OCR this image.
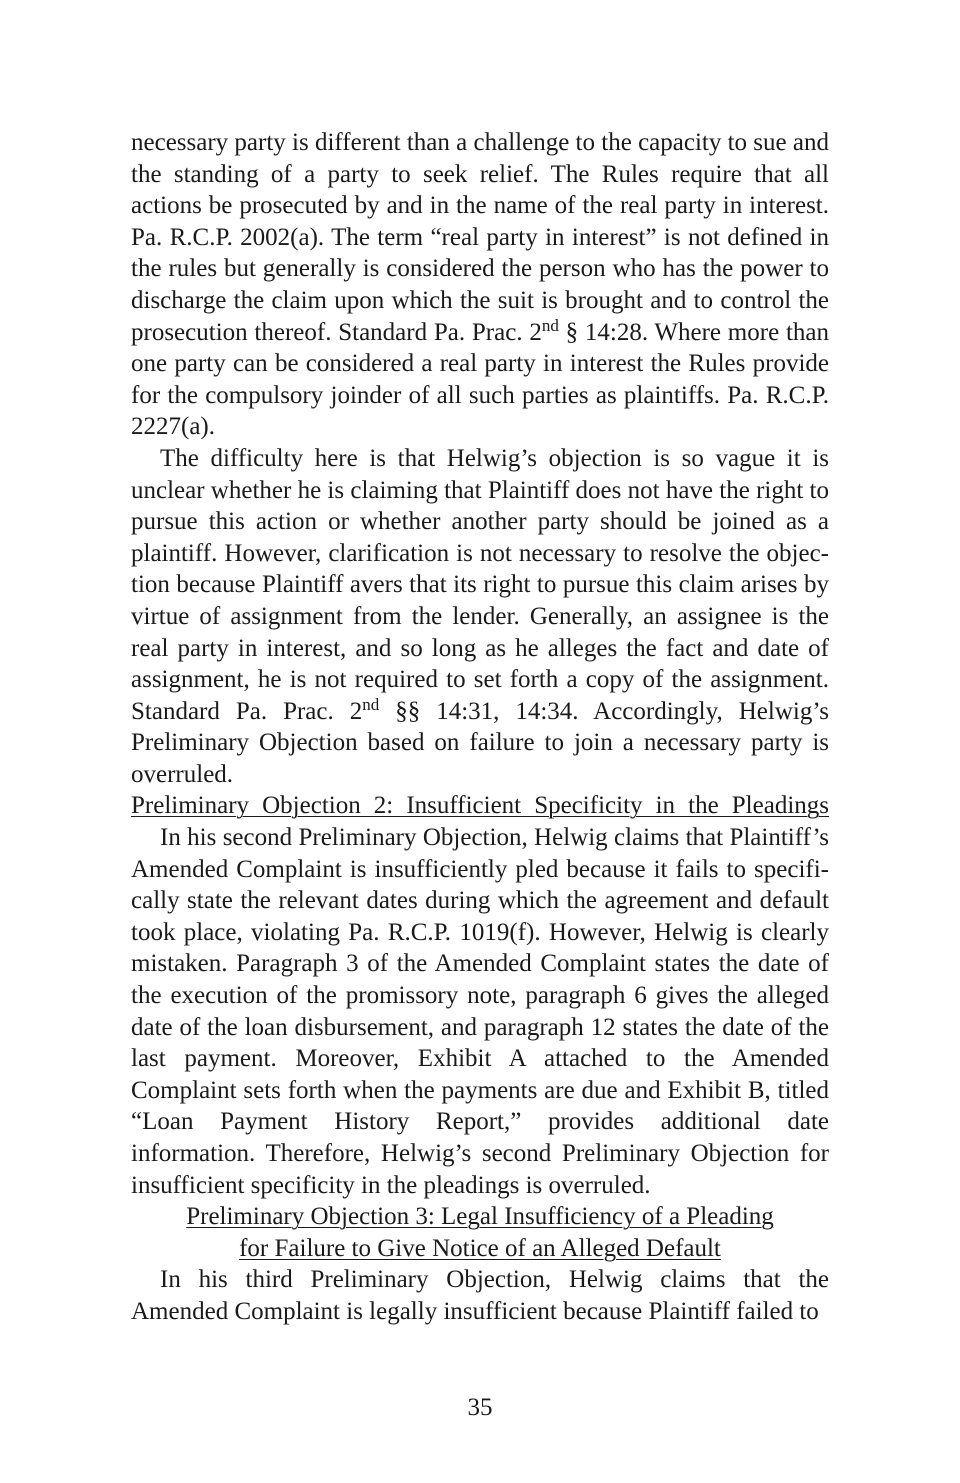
necessary party is different than a challenge to the capacity to sue and the standing of a party to seek relief. The Rules require that all actions be prosecuted by and in the name of the real party in interest. Pa. R.C.P. 2002(a). The term “real party in interest” is not defined in the rules but generally is considered the person who has the power to discharge the claim upon which the suit is brought and to control the prosecution thereof. Standard Pa. Prac. 2nd § 14:28. Where more than one party can be considered a real party in interest the Rules provide for the compulsory joinder of all such parties as plaintiffs. Pa. R.C.P. 2227(a).

The difficulty here is that Helwig’s objection is so vague it is unclear whether he is claiming that Plaintiff does not have the right to pursue this action or whether another party should be joined as a plaintiff. However, clarification is not necessary to resolve the objection because Plaintiff avers that its right to pursue this claim arises by virtue of assignment from the lender. Generally, an assignee is the real party in interest, and so long as he alleges the fact and date of assignment, he is not required to set forth a copy of the assignment. Standard Pa. Prac. 2nd §§ 14:31, 14:34. Accordingly, Helwig’s Preliminary Objection based on failure to join a necessary party is overruled.

Preliminary Objection 2: Insufficient Specificity in the Pleadings

In his second Preliminary Objection, Helwig claims that Plaintiff’s Amended Complaint is insufficiently pled because it fails to specifically state the relevant dates during which the agreement and default took place, violating Pa. R.C.P. 1019(f). However, Helwig is clearly mistaken. Paragraph 3 of the Amended Complaint states the date of the execution of the promissory note, paragraph 6 gives the alleged date of the loan disbursement, and paragraph 12 states the date of the last payment. Moreover, Exhibit A attached to the Amended Complaint sets forth when the payments are due and Exhibit B, titled “Loan Payment History Report,” provides additional date information. Therefore, Helwig’s second Preliminary Objection for insufficient specificity in the pleadings is overruled.

Preliminary Objection 3: Legal Insufficiency of a Pleading
for Failure to Give Notice of an Alleged Default

In his third Preliminary Objection, Helwig claims that the Amended Complaint is legally insufficient because Plaintiff failed to

35
